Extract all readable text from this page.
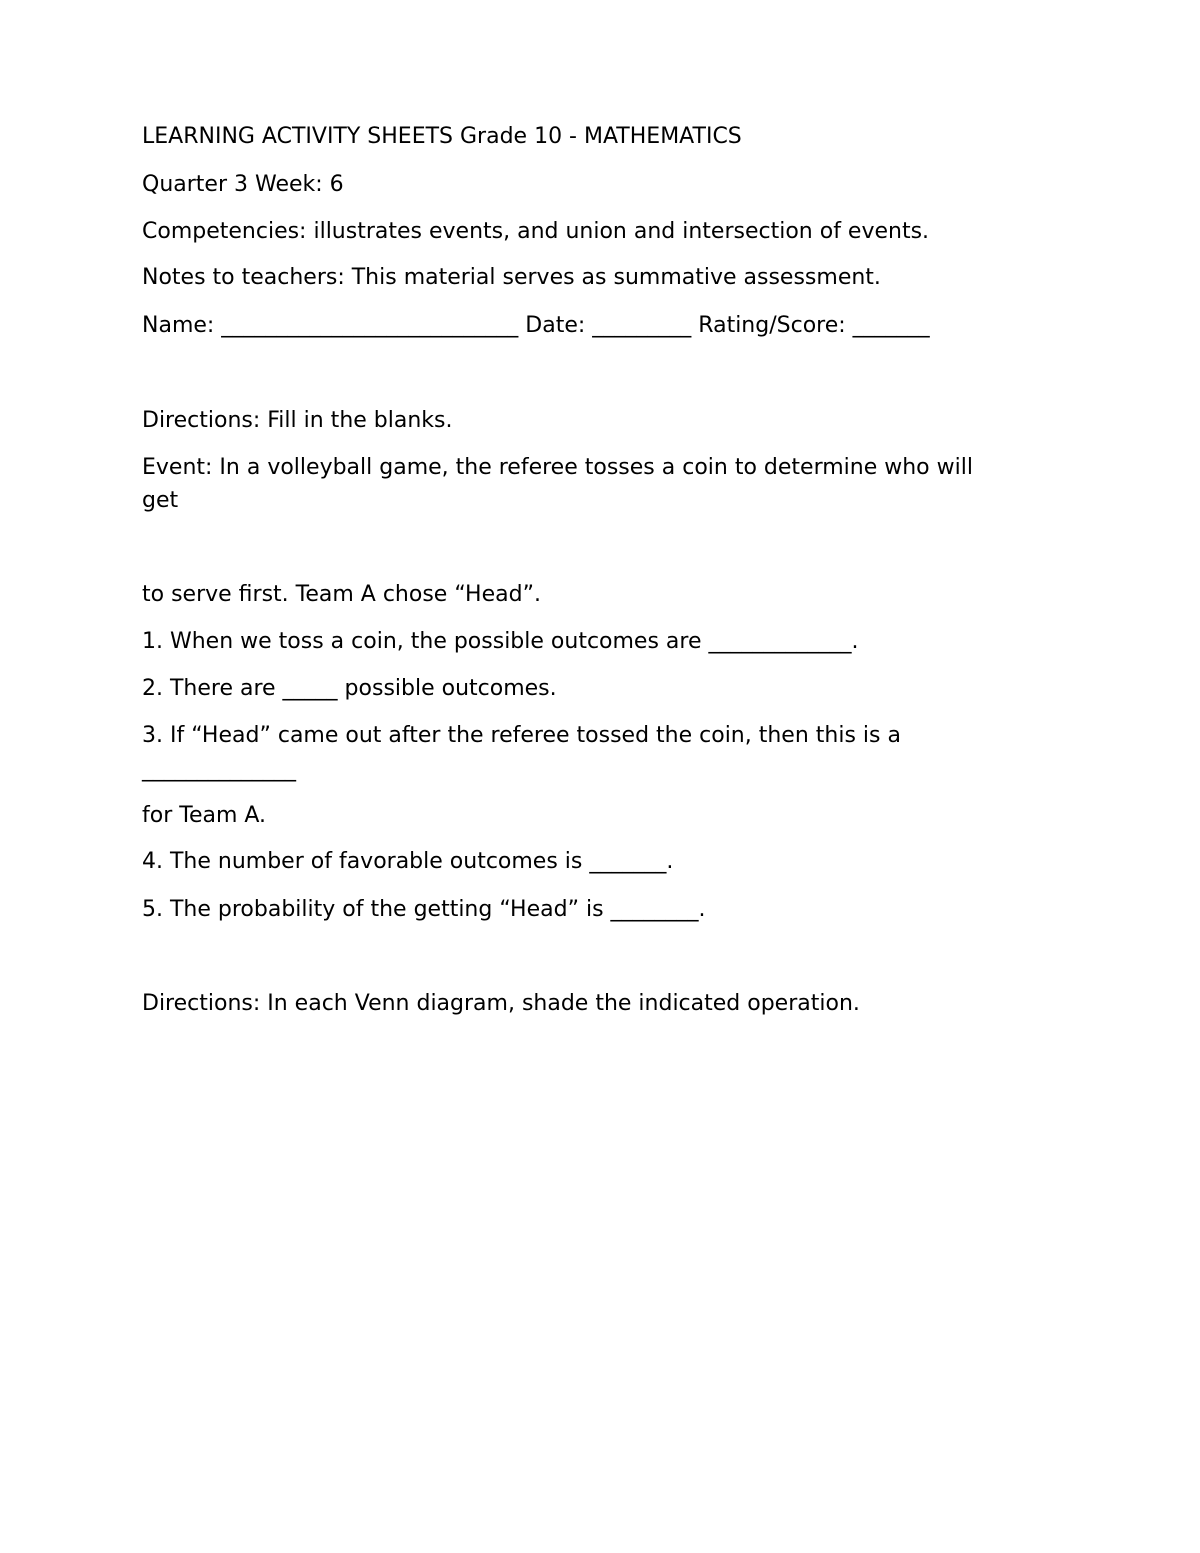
LEARNING ACTIVITY SHEETS Grade 10 - MATHEMATICS
Quarter 3 Week: 6
Competencies: illustrates events, and union and intersection of events.
Notes to teachers: This material serves as summative assessment.
Name: ___________________________ Date: _________ Rating/Score: _______
Directions: Fill in the blanks.
Event: In a volleyball game, the referee tosses a coin to determine who will
get
to serve first. Team A chose “Head”.
1. When we toss a coin, the possible outcomes are _____________.
2. There are _____ possible outcomes.
3. If “Head” came out after the referee tossed the coin, then this is a
______________
for Team A.
4. The number of favorable outcomes is _______.
5. The probability of the getting “Head” is ________.
Directions: In each Venn diagram, shade the indicated operation.
